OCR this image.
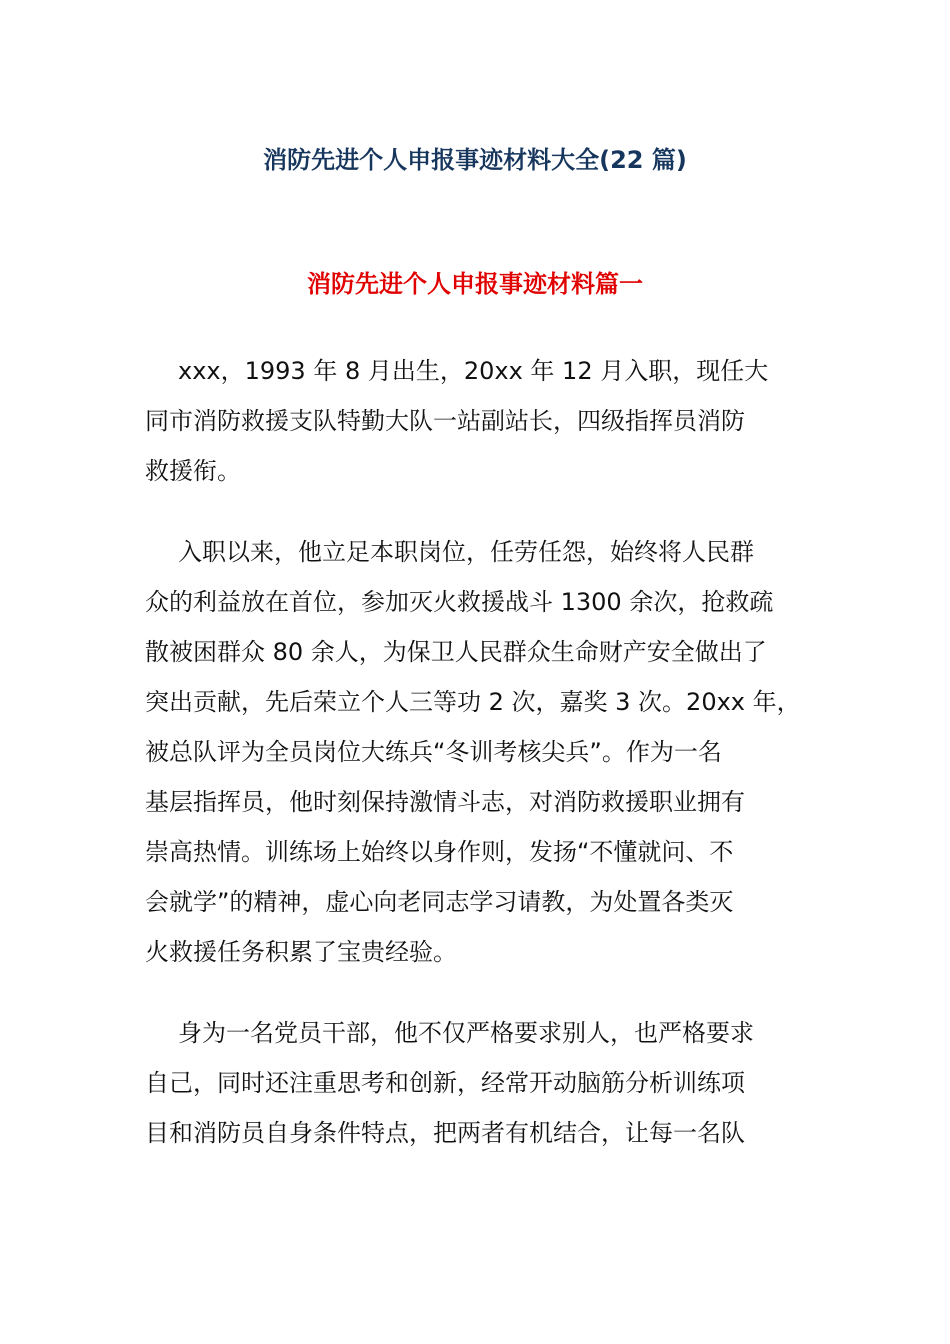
消防先进个人申报事迹材料大全(22 篇)
消防先进个人申报事迹材料篇一

xxx，1993 年 8 月出生，20xx 年 12 月入职，现任大
同市消防救援支队特勤大队一站副站长，四级指挥员消防
救援衔。

入职以来，他立足本职岗位，任劳任怨，始终将人民群
众的利益放在首位，参加灭火救援战斗 1300 余次，抢救疏
散被困群众 80 余人，为保卫人民群众生命财产安全做出了
突出贡献，先后荣立个人三等功 2 次，嘉奖 3 次。20xx 年，
被总队评为全员岗位大练兵“冬训考核尖兵”。作为一名
基层指挥员，他时刻保持激情斗志，对消防救援职业拥有
崇高热情。训练场上始终以身作则，发扬“不懂就问、不
会就学”的精神，虚心向老同志学习请教，为处置各类灭
火救援任务积累了宝贵经验。

身为一名党员干部，他不仅严格要求别人，也严格要求
自己，同时还注重思考和创新，经常开动脑筋分析训练项
目和消防员自身条件特点，把两者有机结合，让每一名队
